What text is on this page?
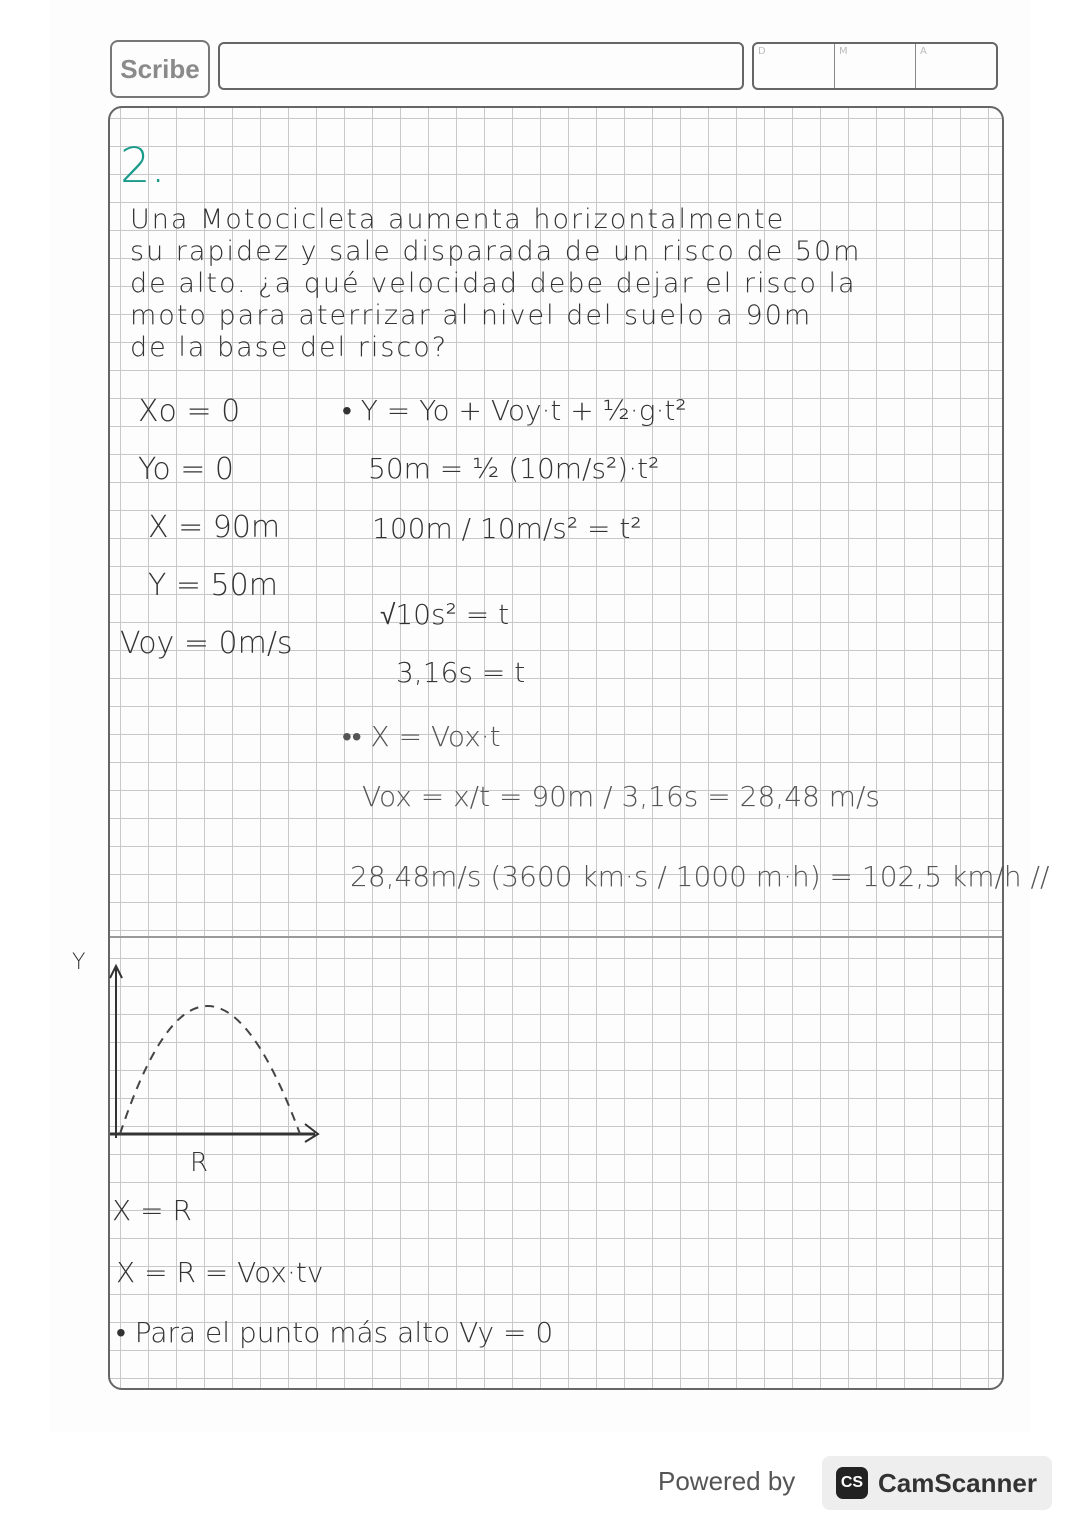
Scribe
D	M	A
2.
Una Motocicleta aumenta horizontalmente
su rapidez y sale disparada de un risco de 50m
de alto. ¿a qué velocidad debe dejar el risco la
moto para aterrizar al nivel del suelo a 90m
de la base del risco?
Xo = 0
Yo = 0
X = 90m
Y = 50m
Voy = 0m/s
• Y = Yo + Voy·t + ½·g·t²
50m = ½ (10m/s²)·t²
100m / 10m/s² = t²
√10s² = t
3,16s = t
•• X = Vox·t
Vox = x/t = 90m / 3,16s = 28,48 m/s
28,48m/s (3600 km·s / 1000 m·h) = 102,5 km/h //
Y
R
X = R
X = R = Vox·tv
• Para el punto más alto Vy = 0
Powered by	CS CamScanner
